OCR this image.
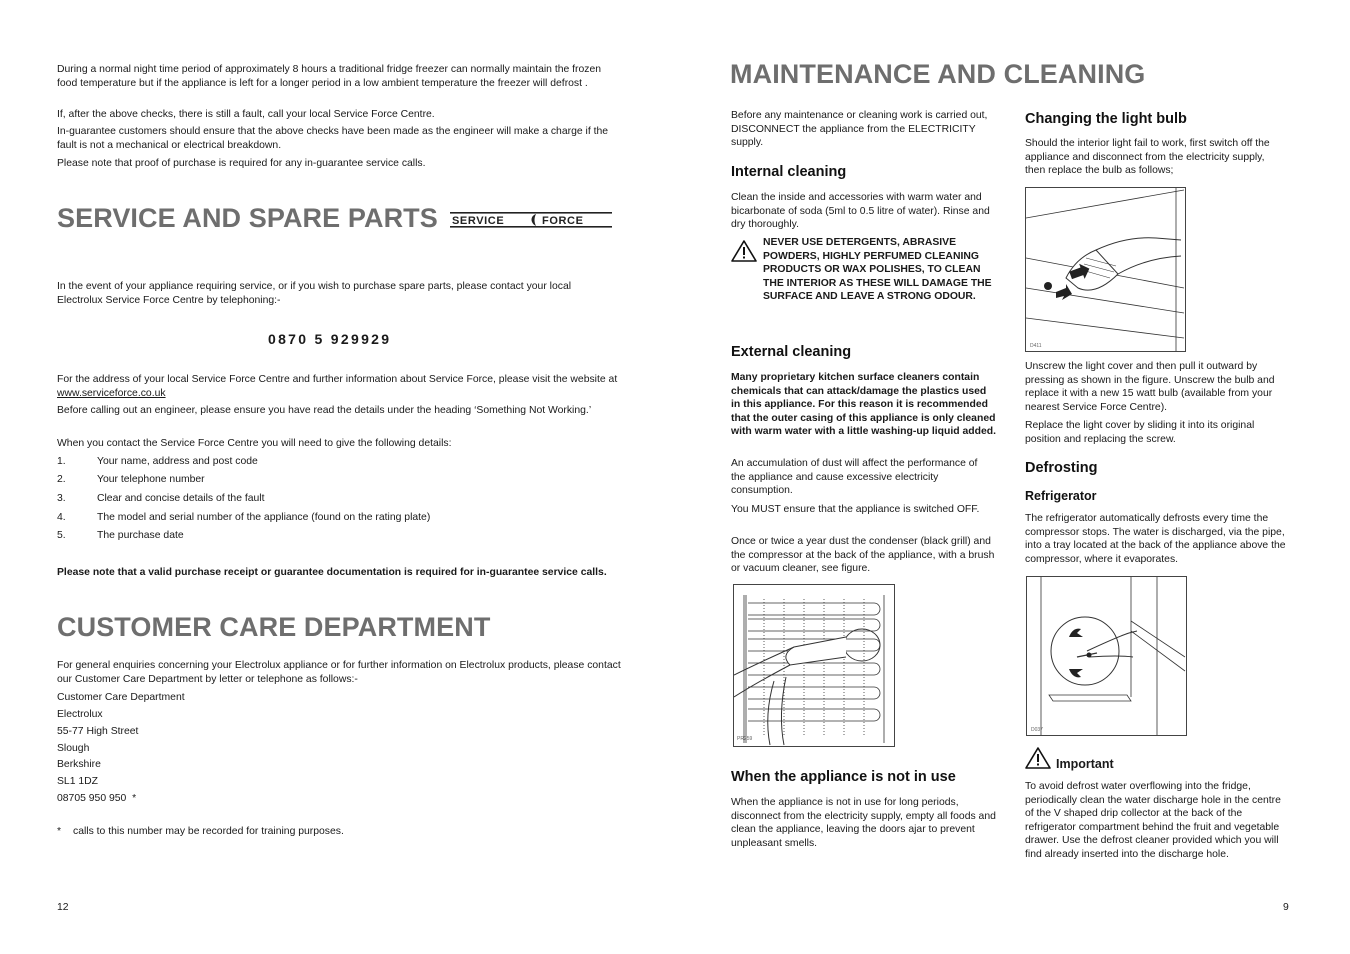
During a normal night time period of approximately 8 hours a traditional fridge freezer can normally maintain the frozen food temperature but if the appliance is left for a longer period in a low ambient temperature the freezer will defrost .

If, after the above checks, there is still a fault, call your local Service Force Centre.

In-guarantee customers should ensure that the above checks have been made as the engineer will make a charge if the fault is not a mechanical or electrical breakdown.

Please note that proof of purchase is required for any in-guarantee service calls.

SERVICE AND SPARE PARTS SERVICE	FORCE

In the event of your appliance requiring service, or if you wish to purchase spare parts, please contact your local Electrolux Service Force Centre by telephoning:-

0870 5 929929

For the address of your local Service Force Centre and further information about Service Force, please visit the website at www.serviceforce.co.uk

Before calling out an engineer, please ensure you have read the details under the heading ‘Something Not Working.’

When you contact the Service Force Centre you will need to give the following details:

1.	Your name, address and post code
2.	Your telephone number
3.	Clear and concise details of the fault
4.	The model and serial number of the appliance (found on the rating plate)
5.	The purchase date

Please note that a valid purchase receipt or guarantee documentation is required for in-guarantee service calls.

CUSTOMER CARE DEPARTMENT

For general enquiries concerning your Electrolux appliance or for further information on Electrolux products, please contact our Customer Care Department by letter or telephone as follows:-

Customer Care Department
Electrolux
55-77 High Street
Slough
Berkshire
SL1 1DZ
08705 950 950  *
* calls to this number may be recorded for training purposes.
12
MAINTENANCE AND CLEANING

Before any maintenance or cleaning work is carried out, DISCONNECT the appliance from the ELECTRICITY supply.

Internal cleaning

Clean the inside and accessories with warm water and bicarbonate of soda (5ml to 0.5 litre of water). Rinse and dry thoroughly.

NEVER USE DETERGENTS, ABRASIVE POWDERS, HIGHLY PERFUMED CLEANING PRODUCTS OR WAX POLISHES, TO CLEAN THE INTERIOR AS THESE WILL DAMAGE THE SURFACE AND LEAVE A STRONG ODOUR.

External cleaning

Many proprietary kitchen surface cleaners contain chemicals that can attack/damage the plastics used in this appliance. For this reason it is recommended that the outer casing of this appliance is only cleaned with warm water with a little washing-up liquid added.

An accumulation of dust will affect the performance of the appliance and cause excessive electricity consumption.

You MUST ensure that the appliance is switched OFF.

Once or twice a year dust the condenser (black grill) and the compressor at the back of the appliance, with a brush or vacuum cleaner, see figure.

PR259
When the appliance is not in use

When the appliance is not in use for long periods, disconnect from the electricity supply, empty all foods and clean the appliance, leaving the doors ajar to prevent unpleasant smells.

Changing the light bulb

Should the interior light fail to work, first switch off the appliance and disconnect from the electricity supply, then replace the bulb as follows;

D411

Unscrew the light cover and then pull it outward by pressing as shown in the figure. Unscrew the bulb and replace it with a new 15 watt bulb (available from your nearest Service Force Centre).

Replace the light cover by sliding it into its original position and replacing the screw.

Defrosting
Refrigerator

The refrigerator automatically defrosts every time the compressor stops. The water is discharged, via the pipe, into a tray located at the back of the appliance above the compressor, where it evaporates.

D037
Important

To avoid defrost water overflowing into the fridge, periodically clean the water discharge hole in the centre of the V shaped drip collector at the back of the refrigerator compartment behind the fruit and vegetable drawer. Use the defrost cleaner provided which you will find already inserted into the discharge hole.

9
